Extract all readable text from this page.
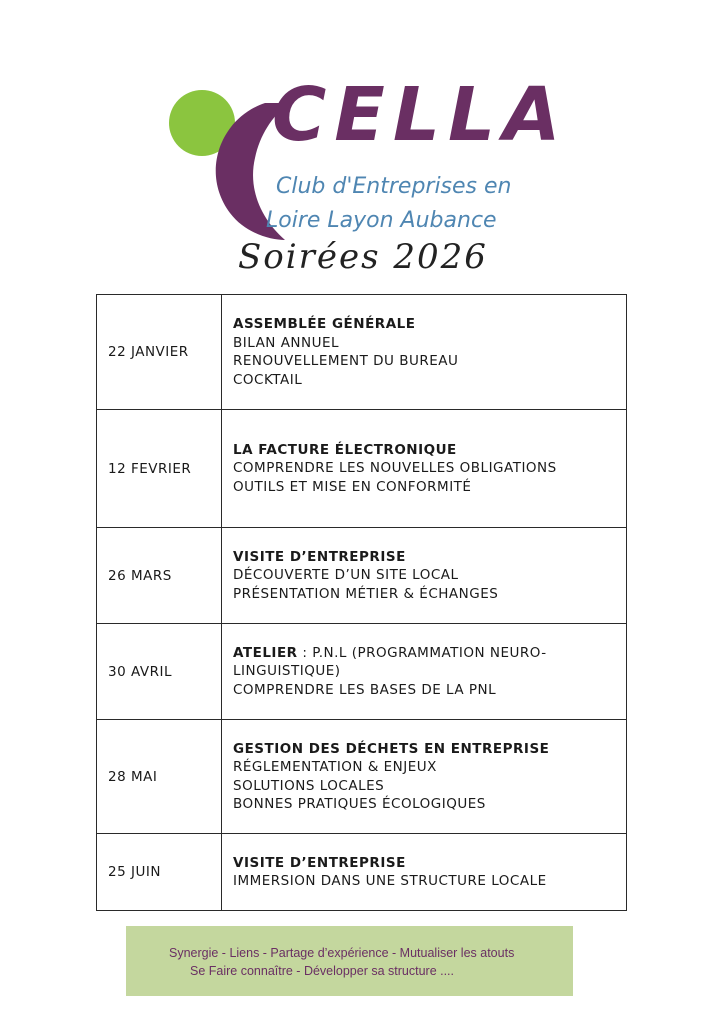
CELLA
Club d'Entreprises en
Loire Layon Aubance
Soirées 2026
22 JANVIER	ASSEMBLÉE GÉNÉRALE
BILAN ANNUEL
RENOUVELLEMENT DU BUREAU
COCKTAIL

12 FEVRIER	LA FACTURE ÉLECTRONIQUE
COMPRENDRE LES NOUVELLES OBLIGATIONS
OUTILS ET MISE EN CONFORMITÉ

26 MARS	VISITE D’ENTREPRISE
DÉCOUVERTE D’UN SITE LOCAL
PRÉSENTATION MÉTIER & ÉCHANGES

30 AVRIL	ATELIER : P.N.L (PROGRAMMATION NEURO-
LINGUISTIQUE)
COMPRENDRE LES BASES DE LA PNL

28 MAI	GESTION DES DÉCHETS EN ENTREPRISE
RÉGLEMENTATION & ENJEUX
SOLUTIONS LOCALES
BONNES PRATIQUES ÉCOLOGIQUES

25 JUIN	VISITE D’ENTREPRISE
IMMERSION DANS UNE STRUCTURE LOCALE
Synergie - Liens - Partage d’expérience - Mutualiser les atouts
Se Faire connaître - Développer sa structure ....
